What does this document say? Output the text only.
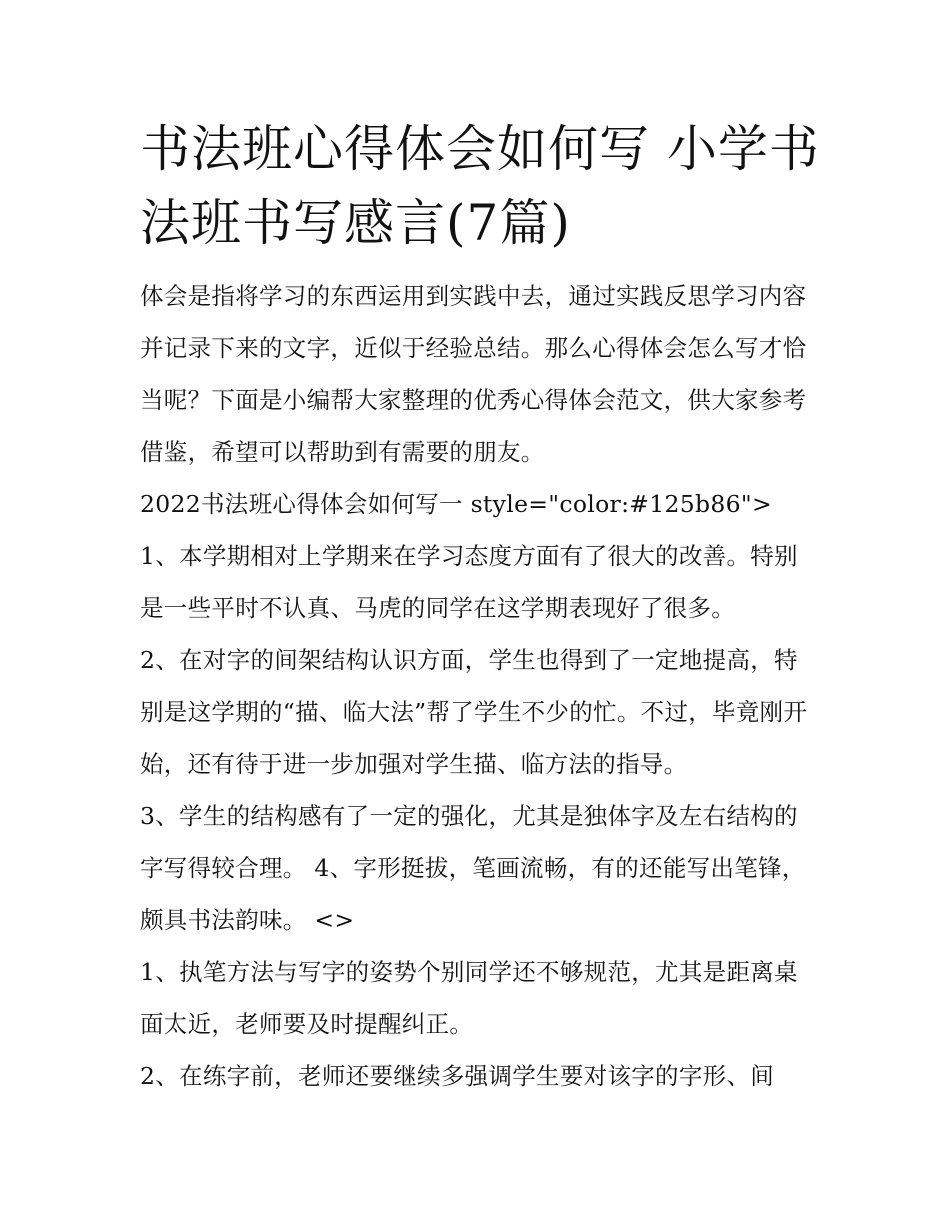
书法班心得体会如何写 小学书法班书写感言(7篇)

体会是指将学习的东西运用到实践中去，通过实践反思学习内容并记录下来的文字，近似于经验总结。那么心得体会怎么写才恰当呢？下面是小编帮大家整理的优秀心得体会范文，供大家参考借鉴，希望可以帮助到有需要的朋友。

2022书法班心得体会如何写一 style="color:#125b86">

1、本学期相对上学期来在学习态度方面有了很大的改善。特别是一些平时不认真、马虎的同学在这学期表现好了很多。

2、在对字的间架结构认识方面，学生也得到了一定地提高，特别是这学期的“描、临大法”帮了学生不少的忙。不过，毕竟刚开始，还有待于进一步加强对学生描、临方法的指导。

3、学生的结构感有了一定的强化，尤其是独体字及左右结构的字写得较合理。 4、字形挺拔，笔画流畅，有的还能写出笔锋，颇具书法韵味。 <>

1、执笔方法与写字的姿势个别同学还不够规范，尤其是距离桌面太近，老师要及时提醒纠正。

2、在练字前，老师还要继续多强调学生要对该字的字形、间
